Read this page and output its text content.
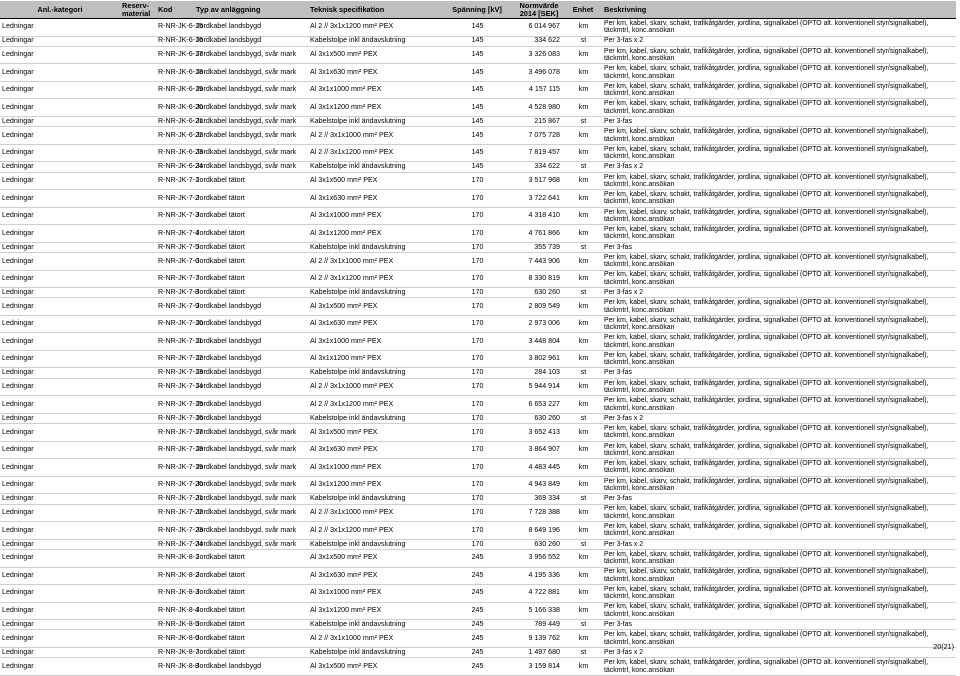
Anl.-kategori	Reserv-material	Kod	Typ av anläggning	Teknisk specifikation	Spänning [kV]	Normvärde 2014 [SEK]	Enhet	Beskrivning
Ledningar		R-NR-JK-6-15	Jordkabel landsbygd	Al 2 // 3x1x1200 mm² PEX	145	6 014 967	km	Per km, kabel, skarv, schakt, trafikåtgärder, jordlina, signalkabel (OPTO alt. konventionell styr/signalkabel), täckmtrl, konc.ansökan
Ledningar		R-NR-JK-6-16	Jordkabel landsbygd	Kabelstolpe inkl ändavslutning	145	334 622	st	Per 3-fas x 2
Ledningar		R-NR-JK-6-17	Jordkabel landsbygd, svår mark	Al 3x1x500 mm² PEX	145	3 326 083	km	Per km, kabel, skarv, schakt, trafikåtgärder, jordlina, signalkabel (OPTO alt. konventionell styr/signalkabel), täckmtrl, konc.ansökan
Ledningar		R-NR-JK-6-18	Jordkabel landsbygd, svår mark	Al 3x1x630 mm² PEX	145	3 496 078	km	Per km, kabel, skarv, schakt, trafikåtgärder, jordlina, signalkabel (OPTO alt. konventionell styr/signalkabel), täckmtrl, konc.ansökan
Ledningar		R-NR-JK-6-19	Jordkabel landsbygd, svår mark	Al 3x1x1000 mm² PEX	145	4 157 115	km	Per km, kabel, skarv, schakt, trafikåtgärder, jordlina, signalkabel (OPTO alt. konventionell styr/signalkabel), täckmtrl, konc.ansökan
Ledningar		R-NR-JK-6-20	Jordkabel landsbygd, svår mark	Al 3x1x1200 mm² PEX	145	4 528 980	km	Per km, kabel, skarv, schakt, trafikåtgärder, jordlina, signalkabel (OPTO alt. konventionell styr/signalkabel), täckmtrl, konc.ansökan
Ledningar		R-NR-JK-6-21	Jordkabel landsbygd, svår mark	Kabelstolpe inkl ändavslutning	145	215 867	st	Per 3-fas
Ledningar		R-NR-JK-6-22	Jordkabel landsbygd, svår mark	Al 2 // 3x1x1000 mm² PEX	145	7 075 728	km	Per km, kabel, skarv, schakt, trafikåtgärder, jordlina, signalkabel (OPTO alt. konventionell styr/signalkabel), täckmtrl, konc.ansökan
Ledningar		R-NR-JK-6-23	Jordkabel landsbygd, svår mark	Al 2 // 3x1x1200 mm² PEX	145	7 819 457	km	Per km, kabel, skarv, schakt, trafikåtgärder, jordlina, signalkabel (OPTO alt. konventionell styr/signalkabel), täckmtrl, konc.ansökan
Ledningar		R-NR-JK-6-24	Jordkabel landsbygd, svår mark	Kabelstolpe inkl ändavslutning	145	334 622	st	Per 3-fas x 2
Ledningar		R-NR-JK-7-1	Jordkabel tätort	Al 3x1x500 mm² PEX	170	3 517 968	km	Per km, kabel, skarv, schakt, trafikåtgärder, jordlina, signalkabel (OPTO alt. konventionell styr/signalkabel), täckmtrl, konc.ansökan
Ledningar		R-NR-JK-7-2	Jordkabel tätort	Al 3x1x630 mm² PEX	170	3 722 641	km	Per km, kabel, skarv, schakt, trafikåtgärder, jordlina, signalkabel (OPTO alt. konventionell styr/signalkabel), täckmtrl, konc.ansökan
Ledningar		R-NR-JK-7-3	Jordkabel tätort	Al 3x1x1000 mm² PEX	170	4 318 410	km	Per km, kabel, skarv, schakt, trafikåtgärder, jordlina, signalkabel (OPTO alt. konventionell styr/signalkabel), täckmtrl, konc.ansökan
Ledningar		R-NR-JK-7-4	Jordkabel tätort	Al 3x1x1200 mm² PEX	170	4 761 866	km	Per km, kabel, skarv, schakt, trafikåtgärder, jordlina, signalkabel (OPTO alt. konventionell styr/signalkabel), täckmtrl, konc.ansökan
Ledningar		R-NR-JK-7-5	Jordkabel tätort	Kabelstolpe inkl ändavslutning	170	355 739	st	Per 3-fas
Ledningar		R-NR-JK-7-6	Jordkabel tätort	Al 2 // 3x1x1000 mm² PEX	170	7 443 906	km	Per km, kabel, skarv, schakt, trafikåtgärder, jordlina, signalkabel (OPTO alt. konventionell styr/signalkabel), täckmtrl, konc.ansökan
Ledningar		R-NR-JK-7-7	Jordkabel tätort	Al 2 // 3x1x1200 mm² PEX	170	8 330 819	km	Per km, kabel, skarv, schakt, trafikåtgärder, jordlina, signalkabel (OPTO alt. konventionell styr/signalkabel), täckmtrl, konc.ansökan
Ledningar		R-NR-JK-7-8	Jordkabel tätort	Kabelstolpe inkl ändavslutning	170	630 260	st	Per 3-fas x 2
Ledningar		R-NR-JK-7-9	Jordkabel landsbygd	Al 3x1x500 mm² PEX	170	2 809 549	km	Per km, kabel, skarv, schakt, trafikåtgärder, jordlina, signalkabel (OPTO alt. konventionell styr/signalkabel), täckmtrl, konc.ansökan
Ledningar		R-NR-JK-7-10	Jordkabel landsbygd	Al 3x1x630 mm² PEX	170	2 973 006	km	Per km, kabel, skarv, schakt, trafikåtgärder, jordlina, signalkabel (OPTO alt. konventionell styr/signalkabel), täckmtrl, konc.ansökan
Ledningar		R-NR-JK-7-11	Jordkabel landsbygd	Al 3x1x1000 mm² PEX	170	3 448 804	km	Per km, kabel, skarv, schakt, trafikåtgärder, jordlina, signalkabel (OPTO alt. konventionell styr/signalkabel), täckmtrl, konc.ansökan
Ledningar		R-NR-JK-7-12	Jordkabel landsbygd	Al 3x1x1200 mm² PEX	170	3 802 961	km	Per km, kabel, skarv, schakt, trafikåtgärder, jordlina, signalkabel (OPTO alt. konventionell styr/signalkabel), täckmtrl, konc.ansökan
Ledningar		R-NR-JK-7-13	Jordkabel landsbygd	Kabelstolpe inkl ändavslutning	170	284 103	st	Per 3-fas
Ledningar		R-NR-JK-7-14	Jordkabel landsbygd	Al 2 // 3x1x1000 mm² PEX	170	5 944 914	km	Per km, kabel, skarv, schakt, trafikåtgärder, jordlina, signalkabel (OPTO alt. konventionell styr/signalkabel), täckmtrl, konc.ansökan
Ledningar		R-NR-JK-7-15	Jordkabel landsbygd	Al 2 // 3x1x1200 mm² PEX	170	6 653 227	km	Per km, kabel, skarv, schakt, trafikåtgärder, jordlina, signalkabel (OPTO alt. konventionell styr/signalkabel), täckmtrl, konc.ansökan
Ledningar		R-NR-JK-7-16	Jordkabel landsbygd	Kabelstolpe inkl ändavslutning	170	630 260	st	Per 3-fas x 2
Ledningar		R-NR-JK-7-17	Jordkabel landsbygd, svår mark	Al 3x1x500 mm² PEX	170	3 652 413	km	Per km, kabel, skarv, schakt, trafikåtgärder, jordlina, signalkabel (OPTO alt. konventionell styr/signalkabel), täckmtrl, konc.ansökan
Ledningar		R-NR-JK-7-18	Jordkabel landsbygd, svår mark	Al 3x1x630 mm² PEX	170	3 864 907	km	Per km, kabel, skarv, schakt, trafikåtgärder, jordlina, signalkabel (OPTO alt. konventionell styr/signalkabel), täckmtrl, konc.ansökan
Ledningar		R-NR-JK-7-19	Jordkabel landsbygd, svår mark	Al 3x1x1000 mm² PEX	170	4 483 445	km	Per km, kabel, skarv, schakt, trafikåtgärder, jordlina, signalkabel (OPTO alt. konventionell styr/signalkabel), täckmtrl, konc.ansökan
Ledningar		R-NR-JK-7-20	Jordkabel landsbygd, svår mark	Al 3x1x1200 mm² PEX	170	4 943 849	km	Per km, kabel, skarv, schakt, trafikåtgärder, jordlina, signalkabel (OPTO alt. konventionell styr/signalkabel), täckmtrl, konc.ansökan
Ledningar		R-NR-JK-7-21	Jordkabel landsbygd, svår mark	Kabelstolpe inkl ändavslutning	170	369 334	st	Per 3-fas
Ledningar		R-NR-JK-7-22	Jordkabel landsbygd, svår mark	Al 2 // 3x1x1000 mm² PEX	170	7 728 388	km	Per km, kabel, skarv, schakt, trafikåtgärder, jordlina, signalkabel (OPTO alt. konventionell styr/signalkabel), täckmtrl, konc.ansökan
Ledningar		R-NR-JK-7-23	Jordkabel landsbygd, svår mark	Al 2 // 3x1x1200 mm² PEX	170	8 649 196	km	Per km, kabel, skarv, schakt, trafikåtgärder, jordlina, signalkabel (OPTO alt. konventionell styr/signalkabel), täckmtrl, konc.ansökan
Ledningar		R-NR-JK-7-24	Jordkabel landsbygd, svår mark	Kabelstolpe inkl ändavslutning	170	630 260	st	Per 3-fas x 2
Ledningar		R-NR-JK-8-1	Jordkabel tätort	Al 3x1x500 mm² PEX	245	3 956 552	km	Per km, kabel, skarv, schakt, trafikåtgärder, jordlina, signalkabel (OPTO alt. konventionell styr/signalkabel), täckmtrl, konc.ansökan
Ledningar		R-NR-JK-8-2	Jordkabel tätort	Al 3x1x630 mm² PEX	245	4 195 336	km	Per km, kabel, skarv, schakt, trafikåtgärder, jordlina, signalkabel (OPTO alt. konventionell styr/signalkabel), täckmtrl, konc.ansökan
Ledningar		R-NR-JK-8-3	Jordkabel tätort	Al 3x1x1000 mm² PEX	245	4 722 881	km	Per km, kabel, skarv, schakt, trafikåtgärder, jordlina, signalkabel (OPTO alt. konventionell styr/signalkabel), täckmtrl, konc.ansökan
Ledningar		R-NR-JK-8-4	Jordkabel tätort	Al 3x1x1200 mm² PEX	245	5 166 338	km	Per km, kabel, skarv, schakt, trafikåtgärder, jordlina, signalkabel (OPTO alt. konventionell styr/signalkabel), täckmtrl, konc.ansökan
Ledningar		R-NR-JK-8-5	Jordkabel tätort	Kabelstolpe inkl ändavslutning	245	789 449	st	Per 3-fas
Ledningar		R-NR-JK-8-6	Jordkabel tätort	Al 2 // 3x1x1000 mm² PEX	245	9 139 762	km	Per km, kabel, skarv, schakt, trafikåtgärder, jordlina, signalkabel (OPTO alt. konventionell styr/signalkabel), täckmtrl, konc.ansökan
Ledningar		R-NR-JK-8-7	Jordkabel tätort	Kabelstolpe inkl ändavslutning	245	1 497 680	st	Per 3-fas x 2
Ledningar		R-NR-JK-8-8	Jordkabel landsbygd	Al 3x1x500 mm² PEX	245	3 159 814	km	Per km, kabel, skarv, schakt, trafikåtgärder, jordlina, signalkabel (OPTO alt. konventionell styr/signalkabel), täckmtrl, konc.ansökan
20(21)
